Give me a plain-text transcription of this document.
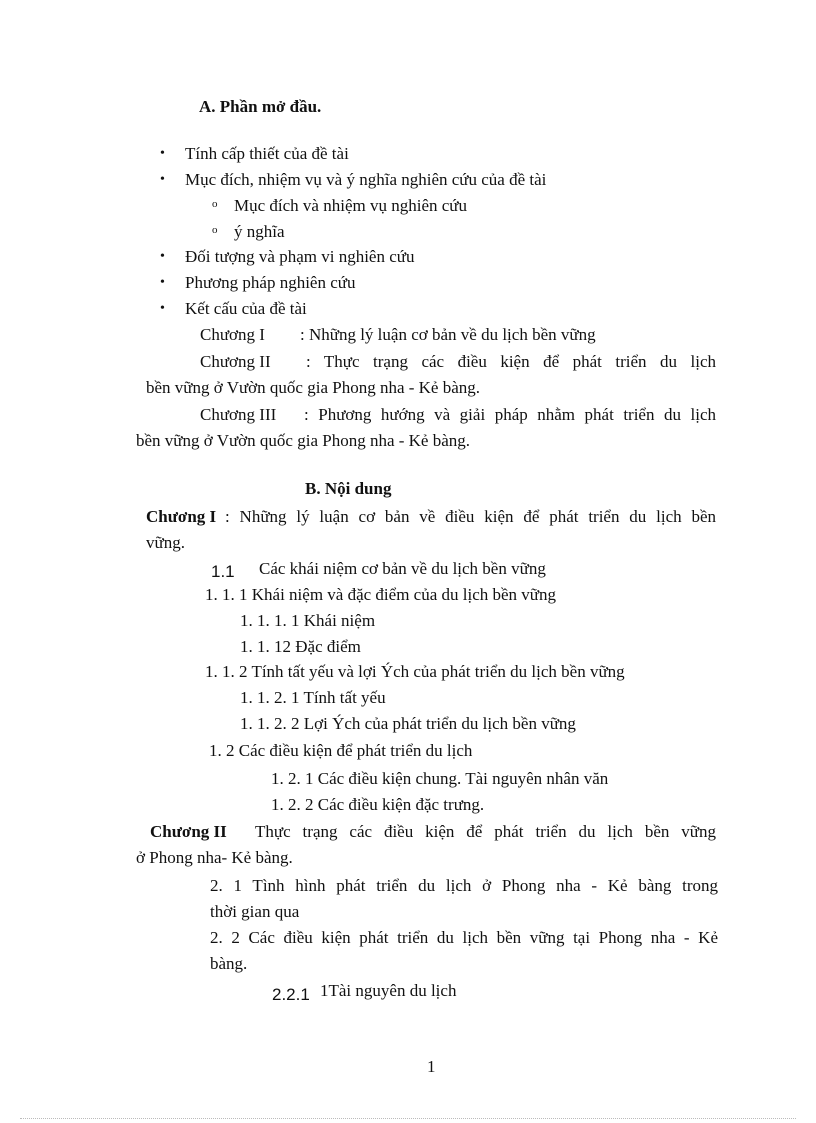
A. Phần mở đầu.
• Tính cấp thiết của đề tài
• Mục đích, nhiệm vụ và ý nghĩa nghiên cứu của đề tài
o Mục đích và nhiệm vụ nghiên cứu
o ý nghĩa
• Đối tượng và phạm vi nghiên cứu
• Phương pháp nghiên cứu
• Kết cấu của đề tài
Chương I : Những lý luận cơ bản về du lịch bền vững
Chương II : Thực trạng các điều kiện để phát triển du lịch
bền vững ở Vườn quốc gia Phong nha - Kẻ bàng.
Chương III : Phương hướng và giải pháp nhằm phát triển du lịch
bền vững ở Vườn quốc gia Phong nha - Kẻ bàng.
B. Nội dung
Chương I : Những lý luận cơ bản về điều kiện để phát triển du lịch bền
vững.
1.1 Các khái niệm cơ bản về du lịch bền vững
1. 1. 1 Khái niệm và đặc điểm của du lịch bền vững
1. 1. 1. 1 Khái niệm
1. 1. 12 Đặc điểm
1. 1. 2 Tính tất yếu và lợi Ých của phát triển du lịch bền vững
1. 1. 2. 1 Tính tất yếu
1. 1. 2. 2 Lợi Ých của phát triển du lịch bền vững
1. 2 Các điều kiện để phát triển du lịch
1. 2. 1 Các điều kiện chung. Tài nguyên nhân văn
1. 2. 2 Các điều kiện đặc trưng.
Chương II Thực trạng các điều kiện để phát triển du lịch bền vững
ở Phong nha- Kẻ bàng.
2. 1 Tình hình phát triển du lịch ở Phong nha - Kẻ bàng trong
thời gian qua
2. 2 Các điều kiện phát triển du lịch bền vững tại Phong nha - Kẻ
bàng.
2.2.1 1Tài nguyên du lịch
1
